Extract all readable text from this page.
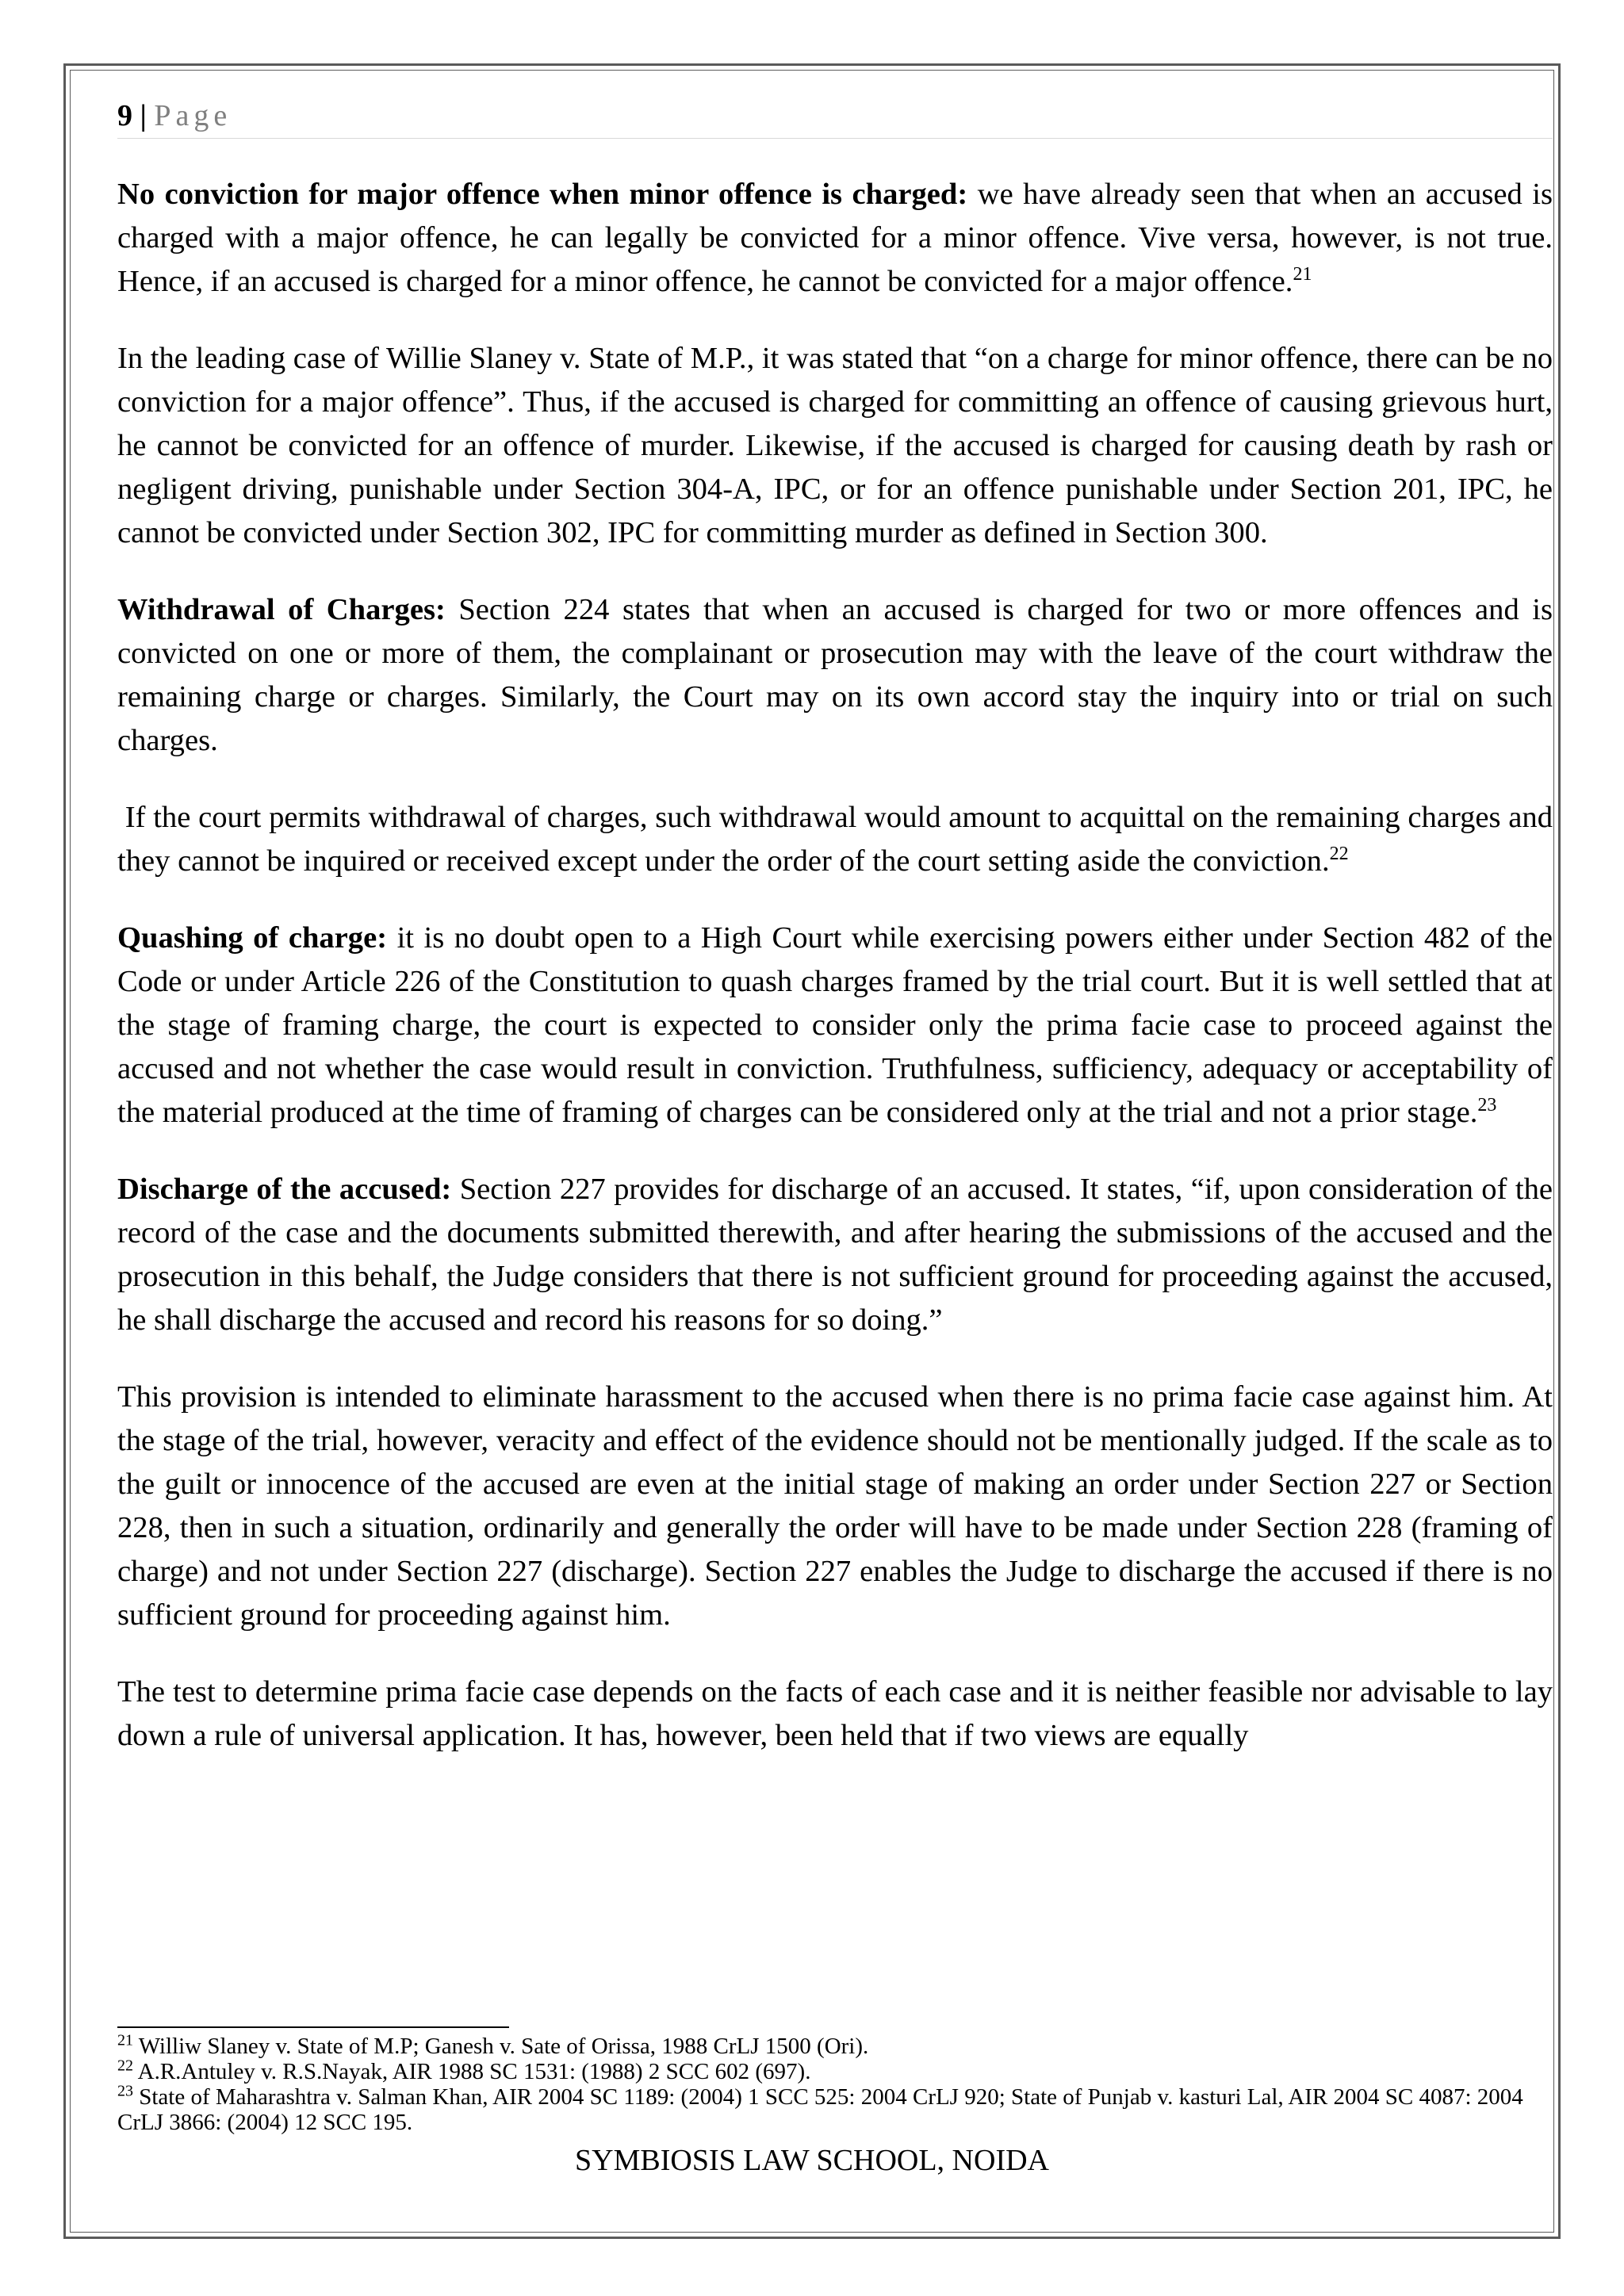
9 | Page

No conviction for major offence when minor offence is charged: we have already seen that when an accused is charged with a major offence, he can legally be convicted for a minor offence. Vive versa, however, is not true. Hence, if an accused is charged for a minor offence, he cannot be convicted for a major offence.$^{21}$

In the leading case of Willie Slaney v. State of M.P., it was stated that “on a charge for minor offence, there can be no conviction for a major offence”. Thus, if the accused is charged for committing an offence of causing grievous hurt, he cannot be convicted for an offence of murder. Likewise, if the accused is charged for causing death by rash or negligent driving, punishable under Section 304-A, IPC, or for an offence punishable under Section 201, IPC, he cannot be convicted under Section 302, IPC for committing murder as defined in Section 300.

Withdrawal of Charges: Section 224 states that when an accused is charged for two or more offences and is convicted on one or more of them, the complainant or prosecution may with the leave of the court withdraw the remaining charge or charges. Similarly, the Court may on its own accord stay the inquiry into or trial on such charges.

If the court permits withdrawal of charges, such withdrawal would amount to acquittal on the remaining charges and they cannot be inquired or received except under the order of the court setting aside the conviction.$^{22}$

Quashing of charge: it is no doubt open to a High Court while exercising powers either under Section 482 of the Code or under Article 226 of the Constitution to quash charges framed by the trial court. But it is well settled that at the stage of framing charge, the court is expected to consider only the prima facie case to proceed against the accused and not whether the case would result in conviction. Truthfulness, sufficiency, adequacy or acceptability of the material produced at the time of framing of charges can be considered only at the trial and not a prior stage.$^{23}$

Discharge of the accused: Section 227 provides for discharge of an accused. It states, “if, upon consideration of the record of the case and the documents submitted therewith, and after hearing the submissions of the accused and the prosecution in this behalf, the Judge considers that there is not sufficient ground for proceeding against the accused, he shall discharge the accused and record his reasons for so doing.”

This provision is intended to eliminate harassment to the accused when there is no prima facie case against him. At the stage of the trial, however, veracity and effect of the evidence should not be mentionally judged. If the scale as to the guilt or innocence of the accused are even at the initial stage of making an order under Section 227 or Section 228, then in such a situation, ordinarily and generally the order will have to be made under Section 228 (framing of charge) and not under Section 227 (discharge). Section 227 enables the Judge to discharge the accused if there is no sufficient ground for proceeding against him.

The test to determine prima facie case depends on the facts of each case and it is neither feasible nor advisable to lay down a rule of universal application. It has, however, been held that if two views are equally

$^{21}$ Williw Slaney v. State of M.P; Ganesh v. Sate of Orissa, 1988 CrLJ 1500 (Ori).

$^{22}$ A.R.Antuley v. R.S.Nayak, AIR 1988 SC 1531: (1988) 2 SCC 602 (697).

$^{23}$ State of Maharashtra v. Salman Khan, AIR 2004 SC 1189: (2004) 1 SCC 525: 2004 CrLJ 920; State of Punjab v. kasturi Lal, AIR 2004 SC 4087: 2004 CrLJ 3866: (2004) 12 SCC 195.

SYMBIOSIS LAW SCHOOL, NOIDA
